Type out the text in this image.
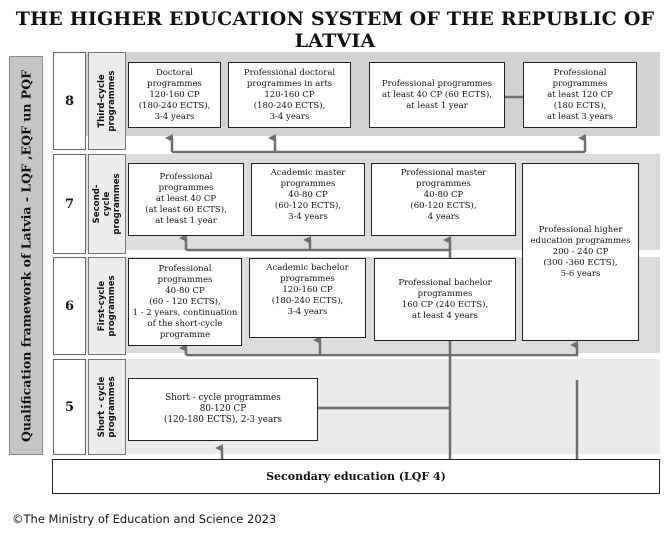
THE HIGHER EDUCATION SYSTEM OF THE REPUBLIC OF LATVIA
Qualification framework of Latvia - LQF ,EQF un PQF	8
7
6
5
Third-cycle
programmes
Second-cycle
programmes
First-cycle
programmes
Short - cycle
programmes
Doctoral
programmes
120-160 CP
(180-240 ECTS),
3-4 years
Professional doctoral
programmes in arts
120-160 CP
(180-240 ECTS),
3-4 years
Professional programmes
at least 40 CP (60 ECTS),
at least 1 year
Professional
programmes
at least 120 CP
(180 ECTS),
at least 3 years
Professional
programmes
at least 40 CP
(at least 60 ECTS),
at least 1 year
Academic master
programmes
40-80 CP
(60-120 ECTS),
3-4 years
Professional master
programmes
40-80 CP
(60-120 ECTS),
4 years
Professional higher
education programmes
200 - 240 CP
(300 -360 ECTS),
5-6 years
Professional
programmes
40-80 CP
(60 - 120 ECTS),
1 - 2 years, continuation
of the short-cycle
programme
Academic bachelor
programmes
120-160 CP
(180-240 ECTS),
3-4 years
Professional bachelor
programmes
160 CP (240 ECTS),
at least 4 years
Short - cycle programmes
80-120 CP
(120-180 ECTS), 2-3 years
Secondary education (LQF 4)
©The Ministry of Education and Science 2023
